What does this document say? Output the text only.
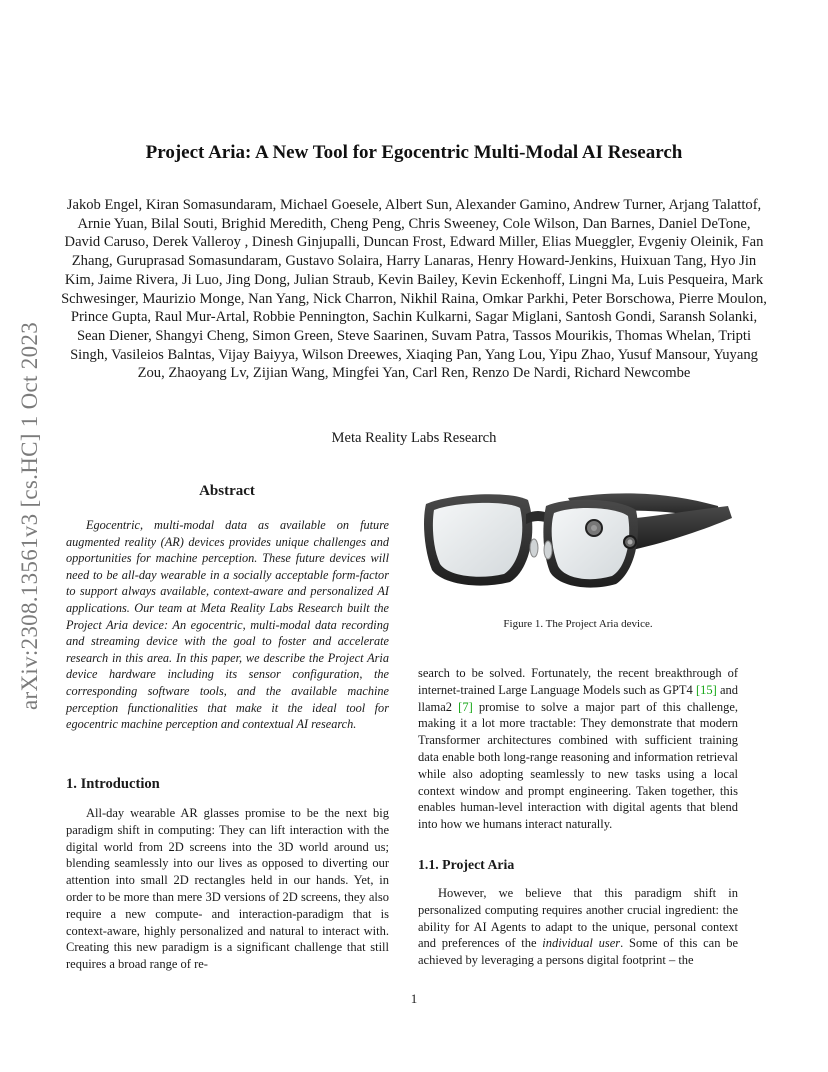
arXiv:2308.13561v3 [cs.HC] 1 Oct 2023
Project Aria: A New Tool for Egocentric Multi-Modal AI Research
Jakob Engel, Kiran Somasundaram, Michael Goesele, Albert Sun, Alexander Gamino, Andrew Turner, Arjang Talattof, Arnie Yuan, Bilal Souti, Brighid Meredith, Cheng Peng, Chris Sweeney, Cole Wilson, Dan Barnes, Daniel DeTone, David Caruso, Derek Valleroy , Dinesh Ginjupalli, Duncan Frost, Edward Miller, Elias Mueggler, Evgeniy Oleinik, Fan Zhang, Guruprasad Somasundaram, Gustavo Solaira, Harry Lanaras, Henry Howard-Jenkins, Huixuan Tang, Hyo Jin Kim, Jaime Rivera, Ji Luo, Jing Dong, Julian Straub, Kevin Bailey, Kevin Eckenhoff, Lingni Ma, Luis Pesqueira, Mark Schwesinger, Maurizio Monge, Nan Yang, Nick Charron, Nikhil Raina, Omkar Parkhi, Peter Borschowa, Pierre Moulon, Prince Gupta, Raul Mur-Artal, Robbie Pennington, Sachin Kulkarni, Sagar Miglani, Santosh Gondi, Saransh Solanki, Sean Diener, Shangyi Cheng, Simon Green, Steve Saarinen, Suvam Patra, Tassos Mourikis, Thomas Whelan, Tripti Singh, Vasileios Balntas, Vijay Baiyya, Wilson Dreewes, Xiaqing Pan, Yang Lou, Yipu Zhao, Yusuf Mansour, Yuyang Zou, Zhaoyang Lv, Zijian Wang, Mingfei Yan, Carl Ren, Renzo De Nardi, Richard Newcombe
Meta Reality Labs Research
Abstract

Egocentric, multi-modal data as available on future augmented reality (AR) devices provides unique challenges and opportunities for machine perception. These future devices will need to be all-day wearable in a socially acceptable form-factor to support always available, context-aware and personalized AI applications. Our team at Meta Reality Labs Research built the Project Aria device: An egocentric, multi-modal data recording and streaming device with the goal to foster and accelerate research in this area. In this paper, we describe the Project Aria device hardware including its sensor configuration, the corresponding software tools, and the available machine perception functionalities that make it the ideal tool for egocentric machine perception and contextual AI research.

1. Introduction

All-day wearable AR glasses promise to be the next big paradigm shift in computing: They can lift interaction with the digital world from 2D screens into the 3D world around us; blending seamlessly into our lives as opposed to diverting our attention into small 2D rectangles held in our hands. Yet, in order to be more than mere 3D versions of 2D screens, they also require a new compute- and interaction-paradigm that is context-aware, highly personalized and natural to interact with. Creating this new paradigm is a significant challenge that still requires a broad range of re-

Figure 1. The Project Aria device.

search to be solved. Fortunately, the recent breakthrough of internet-trained Large Language Models such as GPT4 [15] and llama2 [7] promise to solve a major part of this challenge, making it a lot more tractable: They demonstrate that modern Transformer architectures combined with sufficient training data enable both long-range reasoning and information retrieval while also adopting seamlessly to new tasks using a local context window and prompt engineering. Taken together, this enables human-level interaction with digital agents that blend into how we humans interact naturally.

1.1. Project Aria

However, we believe that this paradigm shift in personalized computing requires another crucial ingredient: the ability for AI Agents to adapt to the unique, personal context and preferences of the individual user. Some of this can be achieved by leveraging a persons digital footprint – the

1
